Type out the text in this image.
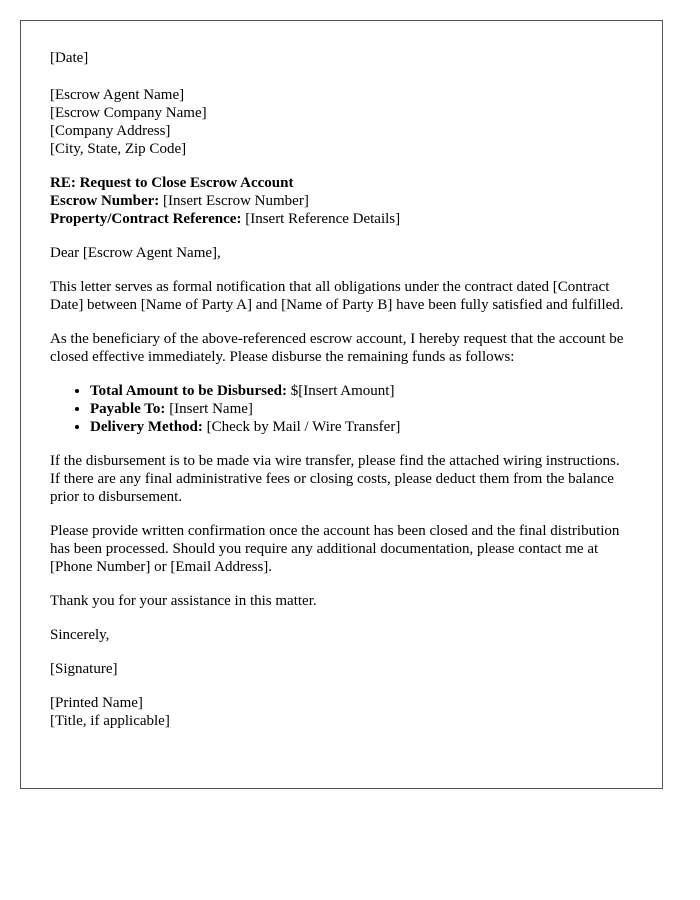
[Date]

[Escrow Agent Name]
[Escrow Company Name]
[Company Address]
[City, State, Zip Code]

RE: Request to Close Escrow Account
Escrow Number: [Insert Escrow Number]
Property/Contract Reference: [Insert Reference Details]

Dear [Escrow Agent Name],

This letter serves as formal notification that all obligations under the contract dated [Contract Date] between [Name of Party A] and [Name of Party B] have been fully satisfied and fulfilled.

As the beneficiary of the above-referenced escrow account, I hereby request that the account be closed effective immediately. Please disburse the remaining funds as follows:

• Total Amount to be Disbursed: $[Insert Amount]
• Payable To: [Insert Name]
• Delivery Method: [Check by Mail / Wire Transfer]

If the disbursement is to be made via wire transfer, please find the attached wiring instructions. If there are any final administrative fees or closing costs, please deduct them from the balance prior to disbursement.

Please provide written confirmation once the account has been closed and the final distribution has been processed. Should you require any additional documentation, please contact me at [Phone Number] or [Email Address].

Thank you for your assistance in this matter.

Sincerely,

[Signature]

[Printed Name]
[Title, if applicable]
